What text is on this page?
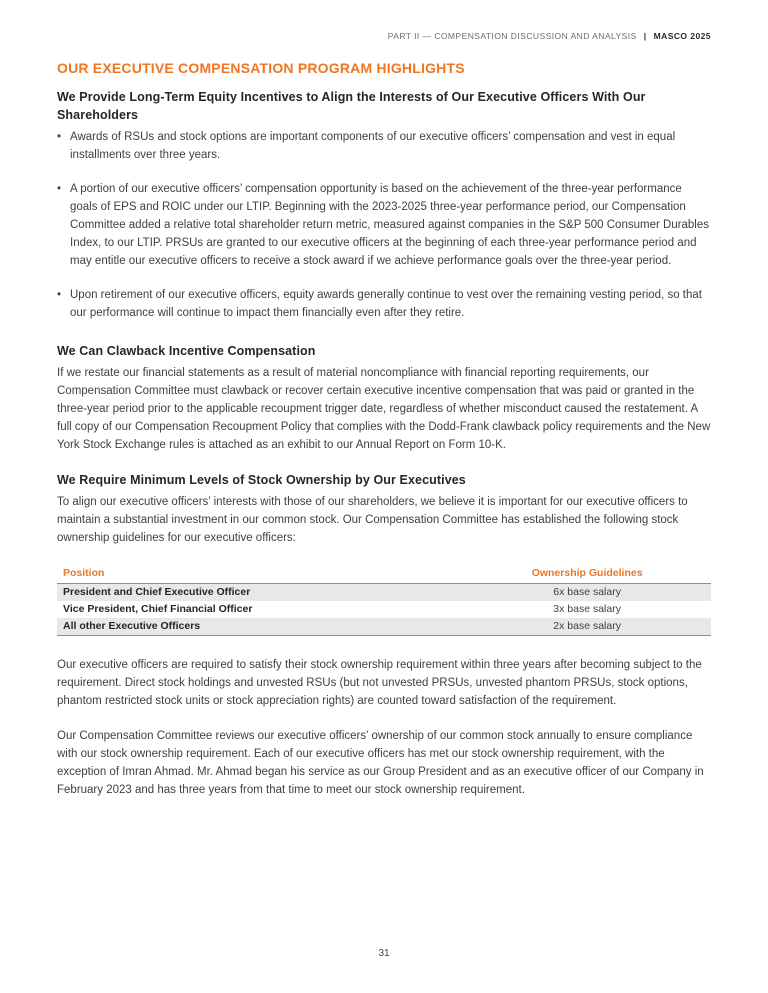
PART II — COMPENSATION DISCUSSION AND ANALYSIS | MASCO 2025
OUR EXECUTIVE COMPENSATION PROGRAM HIGHLIGHTS
We Provide Long-Term Equity Incentives to Align the Interests of Our Executive Officers With Our Shareholders
• Awards of RSUs and stock options are important components of our executive officers’ compensation and vest in equal installments over three years.
• A portion of our executive officers’ compensation opportunity is based on the achievement of the three-year performance goals of EPS and ROIC under our LTIP. Beginning with the 2023-2025 three-year performance period, our Compensation Committee added a relative total shareholder return metric, measured against companies in the S&P 500 Consumer Durables Index, to our LTIP. PRSUs are granted to our executive officers at the beginning of each three-year performance period and may entitle our executive officers to receive a stock award if we achieve performance goals over the three-year period.
• Upon retirement of our executive officers, equity awards generally continue to vest over the remaining vesting period, so that our performance will continue to impact them financially even after they retire.
We Can Clawback Incentive Compensation

If we restate our financial statements as a result of material noncompliance with financial reporting requirements, our Compensation Committee must clawback or recover certain executive incentive compensation that was paid or granted in the three-year period prior to the applicable recoupment trigger date, regardless of whether misconduct caused the restatement. A full copy of our Compensation Recoupment Policy that complies with the Dodd-Frank clawback policy requirements and the New York Stock Exchange rules is attached as an exhibit to our Annual Report on Form 10-K.

We Require Minimum Levels of Stock Ownership by Our Executives

To align our executive officers’ interests with those of our shareholders, we believe it is important for our executive officers to maintain a substantial investment in our common stock. Our Compensation Committee has established the following stock ownership guidelines for our executive officers:

Position	Ownership Guidelines
President and Chief Executive Officer	6x base salary
Vice President, Chief Financial Officer	3x base salary
All other Executive Officers	2x base salary

Our executive officers are required to satisfy their stock ownership requirement within three years after becoming subject to the requirement. Direct stock holdings and unvested RSUs (but not unvested PRSUs, unvested phantom PRSUs, stock options, phantom restricted stock units or stock appreciation rights) are counted toward satisfaction of the requirement.

Our Compensation Committee reviews our executive officers’ ownership of our common stock annually to ensure compliance with our stock ownership requirement. Each of our executive officers has met our stock ownership requirement, with the exception of Imran Ahmad. Mr. Ahmad began his service as our Group President and as an executive officer of our Company in February 2023 and has three years from that time to meet our stock ownership requirement.

31
